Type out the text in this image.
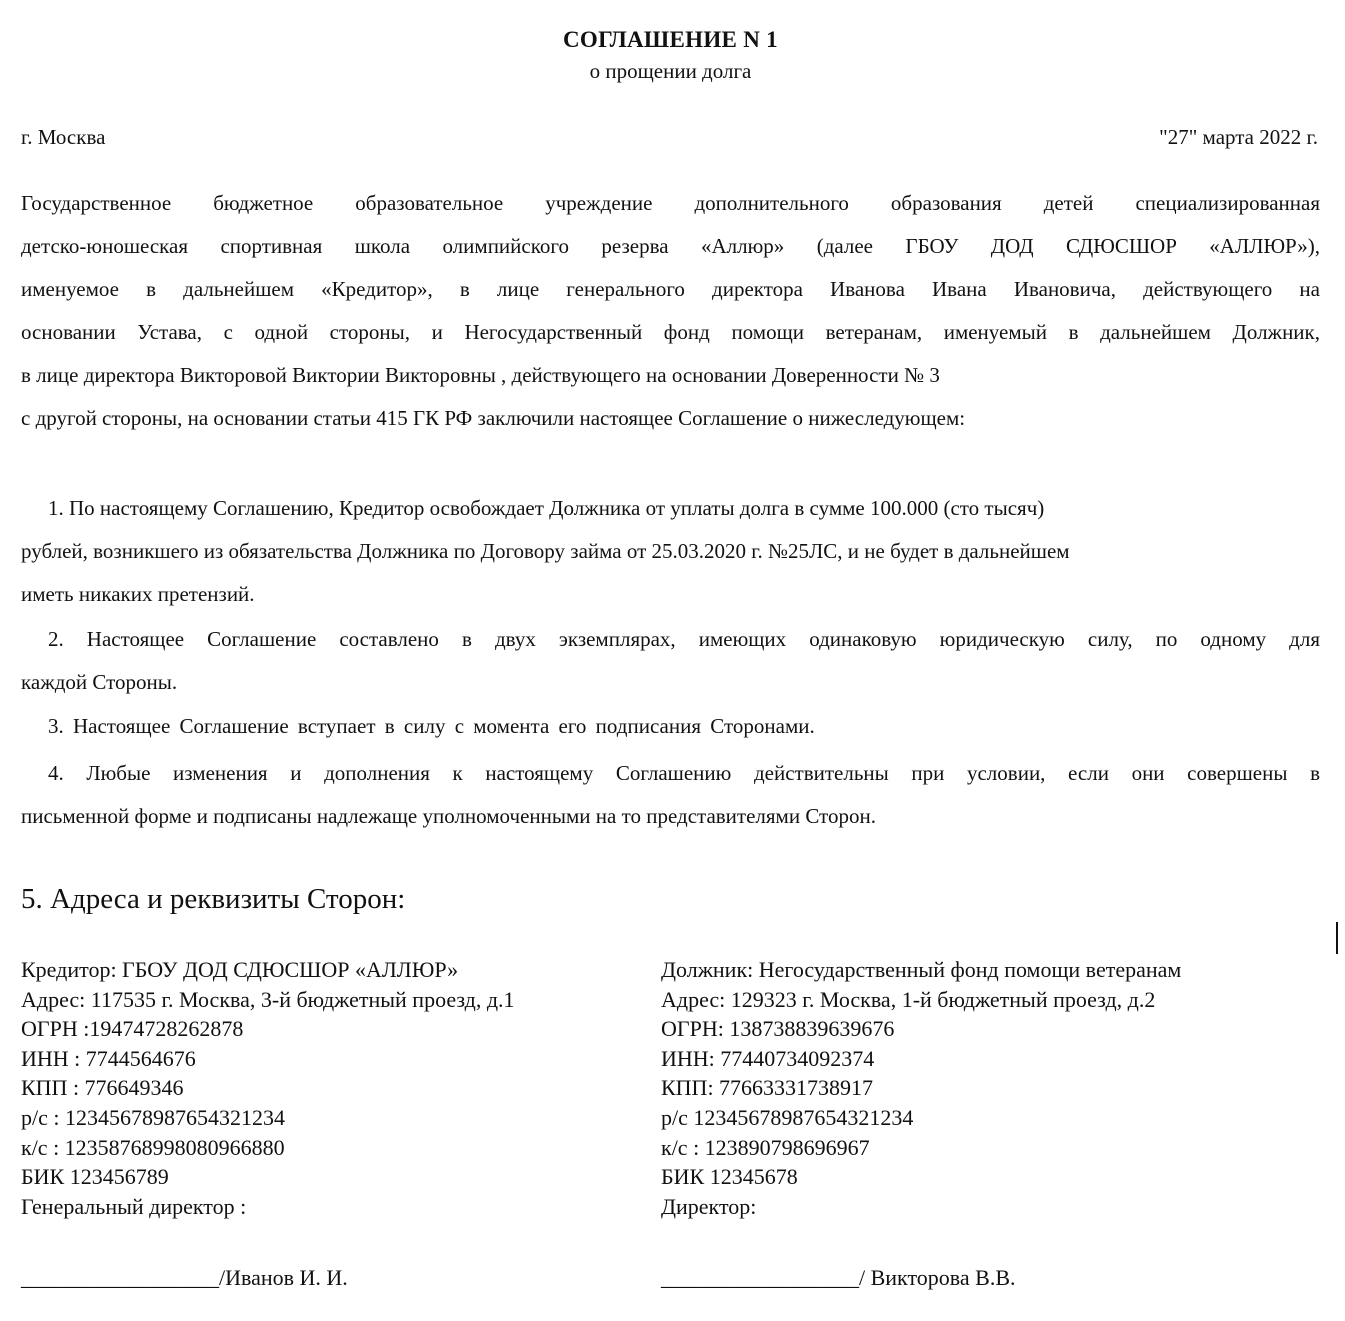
СОГЛАШЕНИЕ N 1
о прощении долга
г. Москва	"27" марта 2022 г.
Государственное бюджетное образовательное учреждение дополнительного образования детей специализированная
детско-юношеская спортивная школа олимпийского резерва «Аллюр» (далее ГБОУ ДОД СДЮСШОР «АЛЛЮР»),
именуемое в дальнейшем «Кредитор», в лице генерального директора Иванова Ивана Ивановича, действующего на
основании Устава, с одной стороны, и Негосударственный фонд помощи ветеранам, именуемый в дальнейшем Должник,
в лице директора Викторовой Виктории Викторовны , действующего на основании Доверенности № 3
с другой стороны, на основании статьи 415 ГК РФ заключили настоящее Соглашение о нижеследующем:
1. По настоящему Соглашению, Кредитор освобождает Должника от уплаты долга в сумме 100.000 (сто тысяч)
рублей, возникшего из обязательства Должника по Договору займа от 25.03.2020 г. №25ЛС, и не будет в дальнейшем
иметь никаких претензий.
2. Настоящее Соглашение составлено в двух экземплярах, имеющих одинаковую юридическую силу, по одному для
каждой Стороны.
3. Настоящее Соглашение вступает в силу с момента его подписания Сторонами.
4. Любые изменения и дополнения к настоящему Соглашению действительны при условии, если они совершены в
письменной форме и подписаны надлежаще уполномоченными на то представителями Сторон.
5. Адреса и реквизиты Сторон:
Кредитор: ГБОУ ДОД СДЮСШОР «АЛЛЮР»
Адрес: 117535 г. Москва, 3-й бюджетный проезд, д.1
ОГРН :19474728262878
ИНН : 7744564676
КПП : 776649346
р/с : 12345678987654321234
к/с : 12358768998080966880
БИК 123456789
Генеральный директор :
Должник: Негосударственный фонд помощи ветеранам
Адрес: 129323 г. Москва, 1-й бюджетный проезд, д.2
ОГРН: 138738839639676
ИНН: 77440734092374
КПП: 77663331738917
р/с 12345678987654321234
к/с : 123890798696967
БИК 12345678
Директор:
__________________/Иванов И. И.	__________________/ Викторова В.В.
